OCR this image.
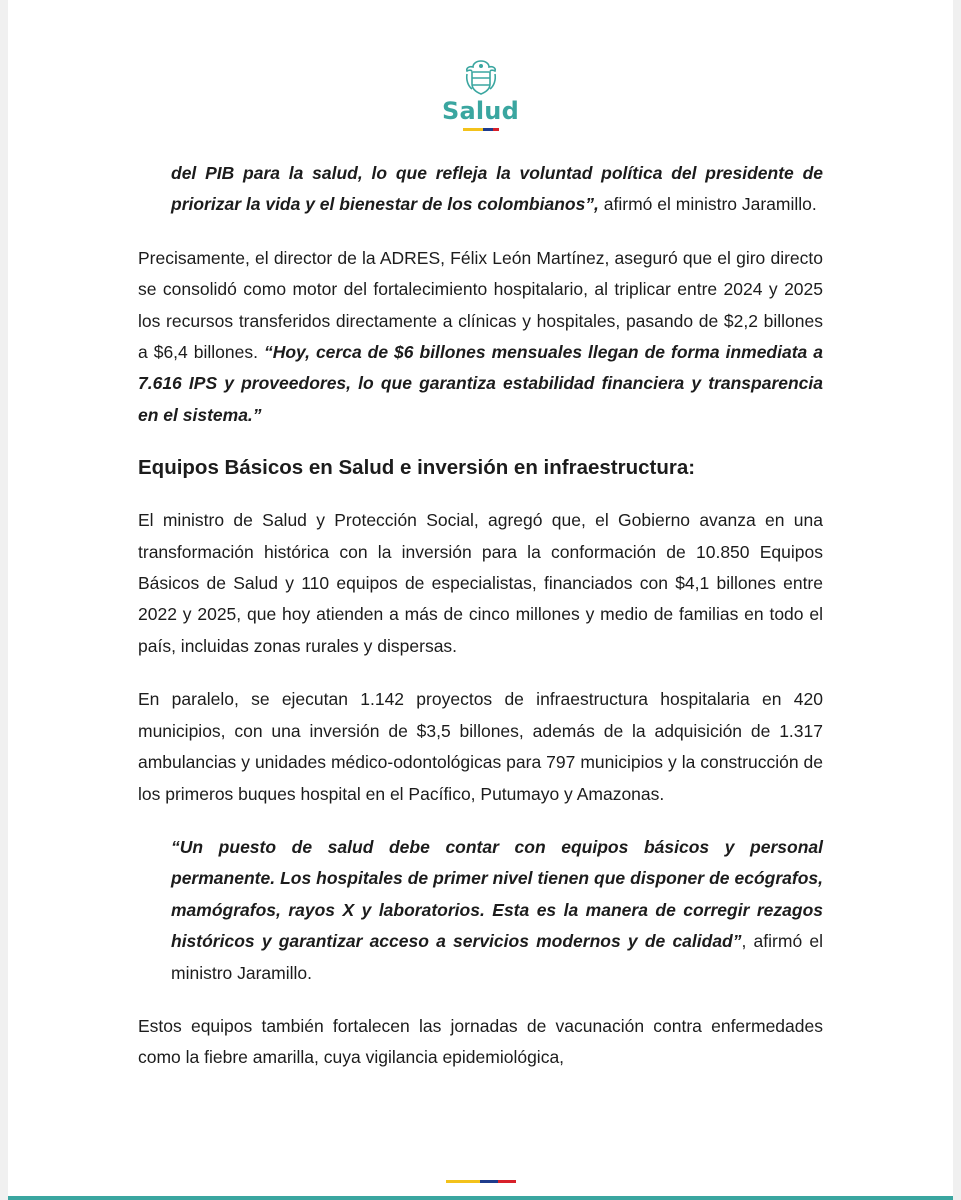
Salud

del PIB para la salud, lo que refleja la voluntad política del presidente de priorizar la vida y el bienestar de los colombianos”, afirmó el ministro Jaramillo.

Precisamente, el director de la ADRES, Félix León Martínez, aseguró que el giro directo se consolidó como motor del fortalecimiento hospitalario, al triplicar entre 2024 y 2025 los recursos transferidos directamente a clínicas y hospitales, pasando de $2,2 billones a $6,4 billones. “Hoy, cerca de $6 billones mensuales llegan de forma inmediata a 7.616 IPS y proveedores, lo que garantiza estabilidad financiera y transparencia en el sistema.”

Equipos Básicos en Salud e inversión en infraestructura:

El ministro de Salud y Protección Social, agregó que, el Gobierno avanza en una transformación histórica con la inversión para la conformación de 10.850 Equipos Básicos de Salud y 110 equipos de especialistas, financiados con $4,1 billones entre 2022 y 2025, que hoy atienden a más de cinco millones y medio de familias en todo el país, incluidas zonas rurales y dispersas.

En paralelo, se ejecutan 1.142 proyectos de infraestructura hospitalaria en 420 municipios, con una inversión de $3,5 billones, además de la adquisición de 1.317 ambulancias y unidades médico-odontológicas para 797 municipios y la construcción de los primeros buques hospital en el Pacífico, Putumayo y Amazonas.

“Un puesto de salud debe contar con equipos básicos y personal permanente. Los hospitales de primer nivel tienen que disponer de ecógrafos, mamógrafos, rayos X y laboratorios. Esta es la manera de corregir rezagos históricos y garantizar acceso a servicios modernos y de calidad”, afirmó el ministro Jaramillo.

Estos equipos también fortalecen las jornadas de vacunación contra enfermedades como la fiebre amarilla, cuya vigilancia epidemiológica,
